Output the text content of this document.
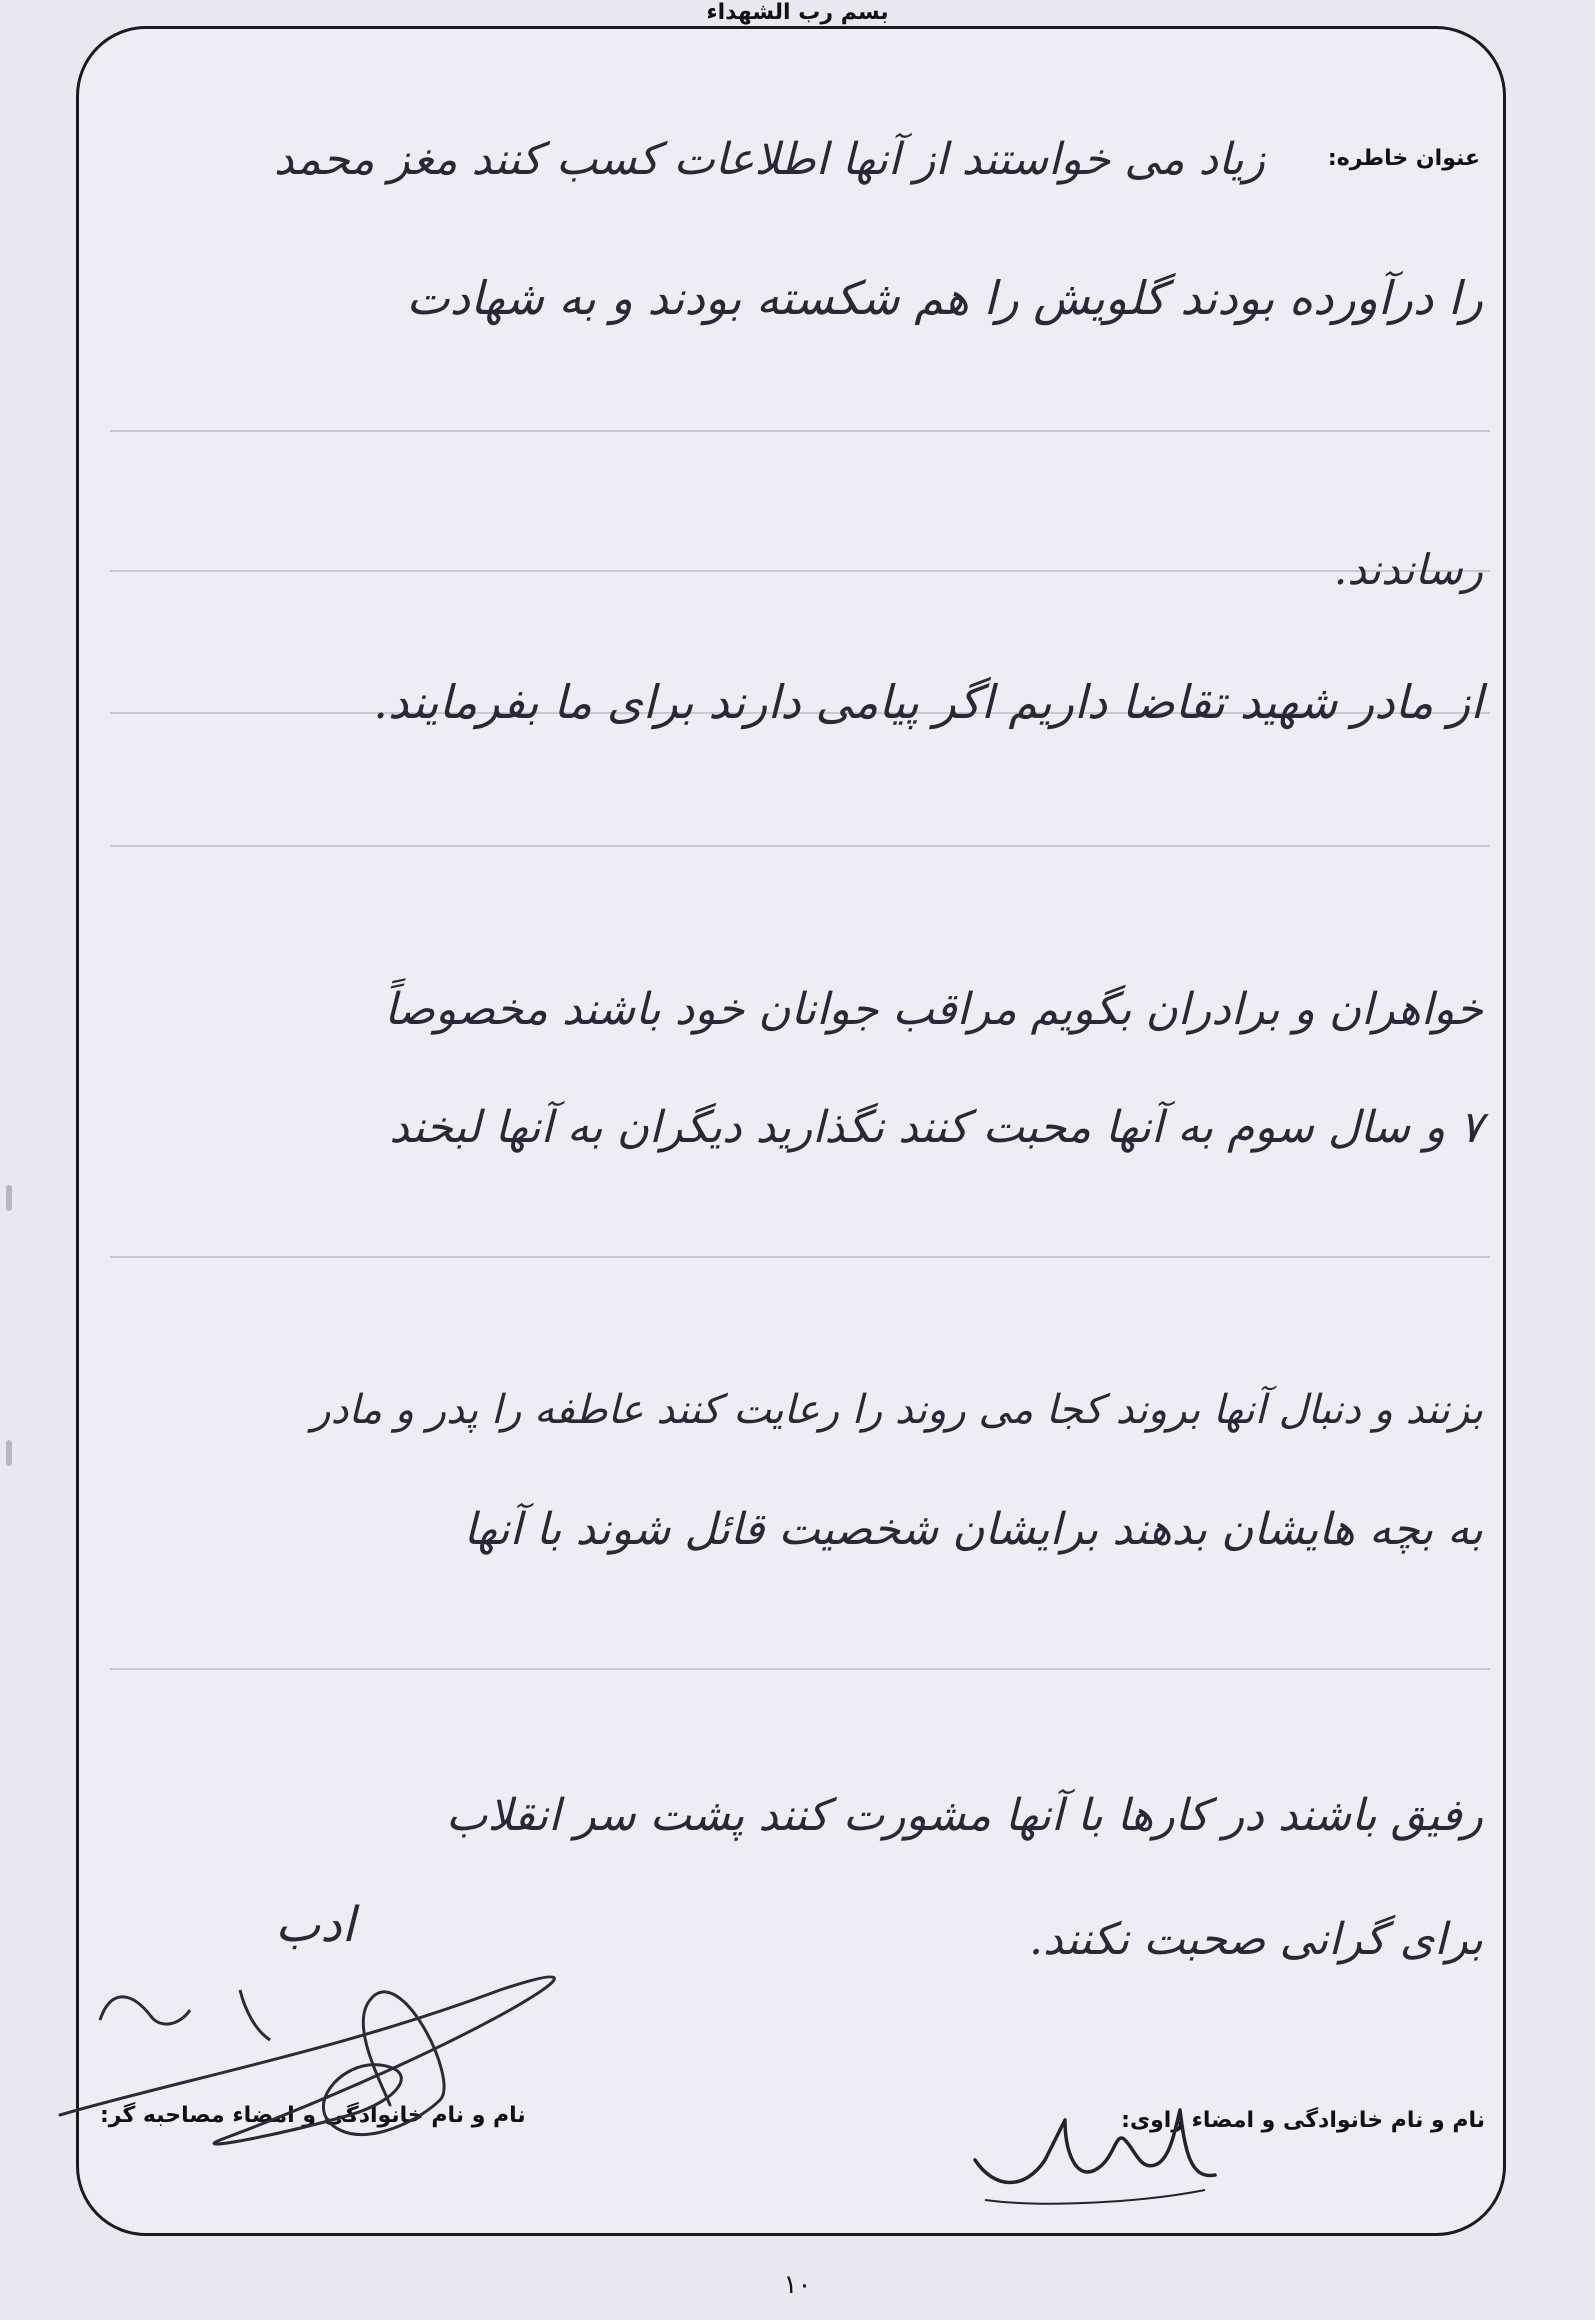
بسم رب الشهداء
عنوان خاطره:
نام و نام خانوادگی و امضاء راوی:
نام و نام خانوادگی و امضاء مصاحبه گر:
زیاد می خواستند از آنها اطلاعات کسب کنند مغز محمد
را درآورده بودند گلویش را هم شکسته بودند و به شهادت
رساندند.
از مادر شهید تقاضا داریم اگر پیامی دارند برای ما بفرمایند.
خواهران و برادران بگویم مراقب جوانان خود باشند مخصوصاً
۷ و سال سوم به آنها محبت کنند نگذارید دیگران به آنها لبخند
بزنند و دنبال آنها بروند کجا می روند را رعایت کنند عاطفه را پدر و مادر
به بچه هایشان بدهند برایشان شخصیت قائل شوند با آنها
رفیق باشند در کارها با آنها مشورت کنند پشت سر انقلاب
برای گرانی صحبت نکنند.
ادب
۱۰
